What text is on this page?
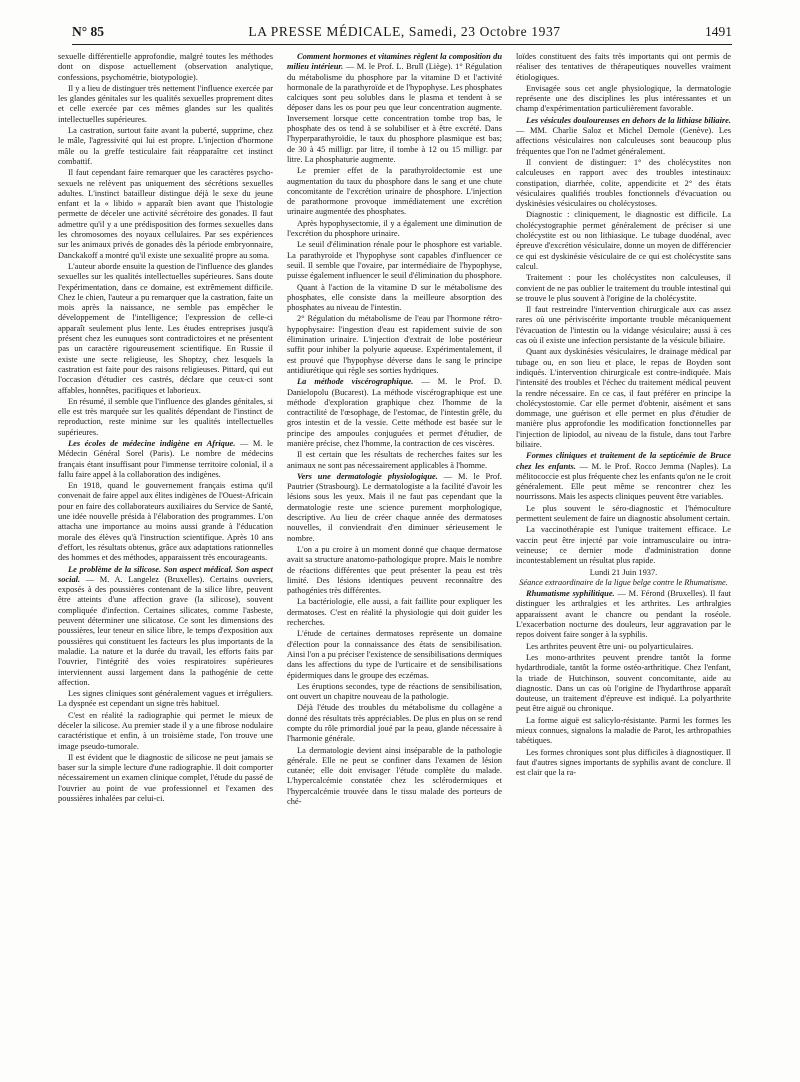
N° 85	LA PRESSE MÉDICALE, Samedi, 23 Octobre 1937	1491

sexuelle différentielle approfondie, malgré toutes les méthodes dont on dispose actuellement (observation analytique, confessions, psychométrie, biotypologie).

Il y a lieu de distinguer très nettement l'influence exercée par les glandes génitales sur les qualités sexuelles proprement dites et celle exercée par ces mêmes glandes sur les qualités intellectuelles supérieures.

La castration, surtout faite avant la puberté, supprime, chez le mâle, l'agressivité qui lui est propre. L'injection d'hormone mâle ou la greffe testiculaire fait réapparaître cet instinct combattif.

Il faut cependant faire remarquer que les caractères psycho-sexuels ne relèvent pas uniquement des sécrétions sexuelles adultes. L'instinct batailleur distingue déjà le sexe du jeune enfant et la « libido » apparaît bien avant que l'histologie permette de déceler une activité sécrétoire des gonades. Il faut admettre qu'il y a une prédisposition des formes sexuelles dans les chromosomes des noyaux cellulaires. Par ses expériences sur les animaux privés de gonades dès la période embryonnaire, Danckakoff a montré qu'il existe une sexualité propre au soma.

L'auteur aborde ensuite la question de l'influence des glandes sexuelles sur les qualités intellectuelles supérieures. Sans doute l'expérimentation, dans ce domaine, est extrêmement difficile. Chez le chien, l'auteur a pu remarquer que la castration, faite un mois après la naissance, ne semble pas empêcher le développement de l'intelligence; l'expression de celle-ci apparaît seulement plus lente. Les études entreprises jusqu'à présent chez les eunuques sont contradictoires et ne présentent pas un caractère rigoureusement scientifique. En Russie il existe une secte religieuse, les Shoptzy, chez lesquels la castration est faite pour des raisons religieuses. Pittard, qui eut l'occasion d'étudier ces castrés, déclare que ceux-ci sont affables, honnêtes, pacifiques et laborieux.

En résumé, il semble que l'influence des glandes génitales, si elle est très marquée sur les qualités dépendant de l'instinct de reproduction, reste minime sur les qualités intellectuelles supérieures.

Les écoles de médecine indigène en Afrique. — M. le Médecin Général Sorel (Paris). Le nombre de médecins français étant insuffisant pour l'immense territoire colonial, il a fallu faire appel à la collaboration des indigènes.

En 1918, quand le gouvernement français estima qu'il convenait de faire appel aux élites indigènes de l'Ouest-Africain pour en faire des collaborateurs auxiliaires du Service de Santé, une idée nouvelle présida à l'élaboration des programmes. L'on attacha une importance au moins aussi grande à l'éducation morale des élèves qu'à l'instruction scientifique. Après 10 ans d'effort, les résultats obtenus, grâce aux adaptations rationnelles des hommes et des méthodes, apparaissent très encourageants.

Le problème de la silicose. Son aspect médical. Son aspect social. — M. A. Langelez (Bruxelles). Certains ouvriers, exposés à des poussières contenant de la silice libre, peuvent être atteints d'une affection grave (la silicose), souvent compliquée d'infection. Certaines silicates, comme l'asbeste, peuvent déterminer une silicatose. Ce sont les dimensions des poussières, leur teneur en silice libre, le temps d'exposition aux poussières qui constituent les facteurs les plus importants de la maladie. La nature et la durée du travail, les efforts faits par l'ouvrier, l'intégrité des voies respiratoires supérieures interviennent aussi largement dans la pathogénie de cette affection.

Les signes cliniques sont généralement vagues et irréguliers. La dyspnée est cependant un signe très habituel.

C'est en réalité la radiographie qui permet le mieux de déceler la silicose. Au premier stade il y a une fibrose nodulaire caractéristique et enfin, à un troisième stade, l'on trouve une image pseudo-tumorale.

Il est évident que le diagnostic de silicose ne peut jamais se baser sur la simple lecture d'une radiographie. Il doit comporter nécessairement un examen clinique complet, l'étude du passé de l'ouvrier au point de vue professionnel et l'examen des poussières inhalées par celui-ci.

Comment hormones et vitamines règlent la composition du milieu intérieur. — M. le Prof. L. Brull (Liège). 1° Régulation du métabolisme du phosphore par la vitamine D et l'activité hormonale de la parathyroïde et de l'hypophyse. Les phosphates calciques sont peu solubles dans le plasma et tendent à se déposer dans les os pour peu que leur concentration augmente. Inversement lorsque cette concentration tombe trop bas, le phosphate des os tend à se solubiliser et à être excrété. Dans l'hyperparathyroïdie, le taux du phosphore plasmique est bas; de 30 à 45 milligr. par litre, il tombe à 12 ou 15 milligr. par litre. La phosphaturie augmente.

Le premier effet de la parathyroïdectomie est une augmentation du taux du phosphore dans le sang et une chute concomitante de l'excrétion urinaire de phosphore. L'injection de parathormone provoque immédiatement une excrétion urinaire augmentée des phosphates.

Après hypophysectomie, il y a également une diminution de l'excrétion du phosphore urinaire.

Le seuil d'élimination rénale pour le phosphore est variable. La parathyroïde et l'hypophyse sont capables d'influencer ce seuil. Il semble que l'ovaire, par intermédiaire de l'hypophyse, puisse également influencer le seuil d'élimination du phosphore.

Quant à l'action de la vitamine D sur le métabolisme des phosphates, elle consiste dans la meilleure absorption des phosphates au niveau de l'intestin.

2° Régulation du métabolisme de l'eau par l'hormone rétro-hypophysaire: l'ingestion d'eau est rapidement suivie de son élimination urinaire. L'injection d'extrait de lobe postérieur suffit pour inhiber la polyurie aqueuse. Expérimentalement, il est prouvé que l'hypophyse déverse dans le sang le principe antidiurétique qui règle ses sorties hydriques.

La méthode viscérographique. — M. le Prof. D. Danielopolu (Bucarest). La méthode viscérographique est une méthode d'exploration graphique chez l'homme de la contractilité de l'œsophage, de l'estomac, de l'intestin grêle, du gros intestin et de la vessie. Cette méthode est basée sur le principe des ampoules conjuguées et permet d'étudier, de manière précise, chez l'homme, la contraction de ces viscères.

Il est certain que les résultats de recherches faites sur les animaux ne sont pas nécessairement applicables à l'homme.

Vers une dermatologie physiologique. — M. le Prof. Pautrier (Strasbourg). Le dermatologiste a la facilité d'avoir les lésions sous les yeux. Mais il ne faut pas cependant que la dermatologie reste une science purement morphologique, descriptive. Au lieu de créer chaque année des dermatoses nouvelles, il conviendrait d'en diminuer sérieusement le nombre.

L'on a pu croire à un moment donné que chaque dermatose avait sa structure anatomo-pathologique propre. Mais le nombre de réactions différentes que peut présenter la peau est très limité. Des lésions identiques peuvent reconnaître des pathogénies très différentes.

La bactériologie, elle aussi, a fait faillite pour expliquer les dermatoses. C'est en réalité la physiologie qui doit guider les recherches.

L'étude de certaines dermatoses représente un domaine d'élection pour la connaissance des états de sensibilisation. Ainsi l'on a pu préciser l'existence de sensibilisations dermiques dans les affections du type de l'urticaire et de sensibilisations épidermiques dans le groupe des eczémas.

Les éruptions secondes, type de réactions de sensibilisation, ont ouvert un chapitre nouveau de la pathologie.

Déjà l'étude des troubles du métabolisme du collagène a donné des résultats très appréciables. De plus en plus on se rend compte du rôle primordial joué par la peau, glande nécessaire à l'harmonie générale.

La dermatologie devient ainsi inséparable de la pathologie générale. Elle ne peut se confiner dans l'examen de lésion cutanée; elle doit envisager l'étude complète du malade. L'hypercalcémie constatée chez les sclérodermiques et l'hypercalcémie trouvée dans le tissu malade des porteurs de ché-

loïdes constituent des faits très importants qui ont permis de réaliser des tentatives de thérapeutiques nouvelles vraiment étiologiques.

Envisagée sous cet angle physiologique, la dermatologie représente une des disciplines les plus intéressantes et un champ d'expérimentation particulièrement favorable.

Les vésicules douloureuses en dehors de la lithiase biliaire. — MM. Charlie Saloz et Michel Demole (Genève). Les affections vésiculaires non calculeuses sont beaucoup plus fréquentes que l'on ne l'admet généralement.

Il convient de distinguer: 1° des cholécystites non calculeuses en rapport avec des troubles intestinaux: constipation, diarrhée, colite, appendicite et 2° des états vésiculaires qualifiés troubles fonctionnels d'évacuation ou dyskinésies vésiculaires ou cholécystoses.

Diagnostic : cliniquement, le diagnostic est difficile. La cholécystographie permet généralement de préciser si une cholécystite est ou non lithiasique. Le tubage duodénal, avec épreuve d'excrétion vésiculaire, donne un moyen de différencier ce qui est dyskinésie vésiculaire de ce qui est cholécystite sans calcul.

Traitement : pour les cholécystites non calculeuses, il convient de ne pas oublier le traitement du trouble intestinal qui se trouve le plus souvent à l'origine de la cholécystite.

Il faut restreindre l'intervention chirurgicale aux cas assez rares où une périviscérite importante trouble mécaniquement l'évacuation de l'intestin ou la vidange vésiculaire; aussi à ces cas où il existe une infection persistante de la vésicule biliaire.

Quant aux dyskinésies vésiculaires, le drainage médical par tubage ou, en son lieu et place, le repas de Boyden sont indiqués. L'intervention chirurgicale est contre-indiquée. Mais l'intensité des troubles et l'échec du traitement médical peuvent la rendre nécessaire. En ce cas, il faut préférer en principe la cholécystostomie. Car elle permet d'obtenir, aisément et sans dommage, une guérison et elle permet en plus d'étudier de manière plus approfondie les modification fonctionnelles par l'injection de lipiodol, au niveau de la fistule, dans tout l'arbre biliaire.

Formes cliniques et traitement de la septicémie de Bruce chez les enfants. — M. le Prof. Rocco Jemma (Naples). La mélitococcie est plus fréquente chez les enfants qu'on ne le croit généralement. Elle peut même se rencontrer chez les nourrissons. Mais les aspects cliniques peuvent être variables.

Le plus souvent le séro-diagnostic et l'hémoculture permettent seulement de faire un diagnostic absolument certain.

La vaccinothérapie est l'unique traitement efficace. Le vaccin peut être injecté par voie intramusculaire ou intra-veineuse; ce dernier mode d'administration donne incontestablement un résultat plus rapide.

Lundi 21 Juin 1937.
Séance extraordinaire de la ligue belge contre le Rhumatisme.

Rhumatisme syphilitique. — M. Férond (Bruxelles). Il faut distinguer les arthralgies et les arthrites. Les arthralgies apparaissent avant le chancre ou pendant la roséole. L'exacerbation nocturne des douleurs, leur aggravation par le repos doivent faire songer à la syphilis.

Les arthrites peuvent être uni- ou polyarticulaires.

Les mono-arthrites peuvent prendre tantôt la forme hydarthrodiale, tantôt la forme ostéo-arthritique. Chez l'enfant, la triade de Hutchinson, souvent concomitante, aide au diagnostic. Dans un cas où l'origine de l'hydarthrose apparaît douteuse, un traitement d'épreuve est indiqué. La polyarthrite peut être aiguë ou chronique.

La forme aiguë est salicylo-résistante. Parmi les formes les mieux connues, signalons la maladie de Parot, les arthropathies tabétiques.

Les formes chroniques sont plus difficiles à diagnostiquer. Il faut d'autres signes importants de syphilis avant de conclure. Il est clair que la ra-
